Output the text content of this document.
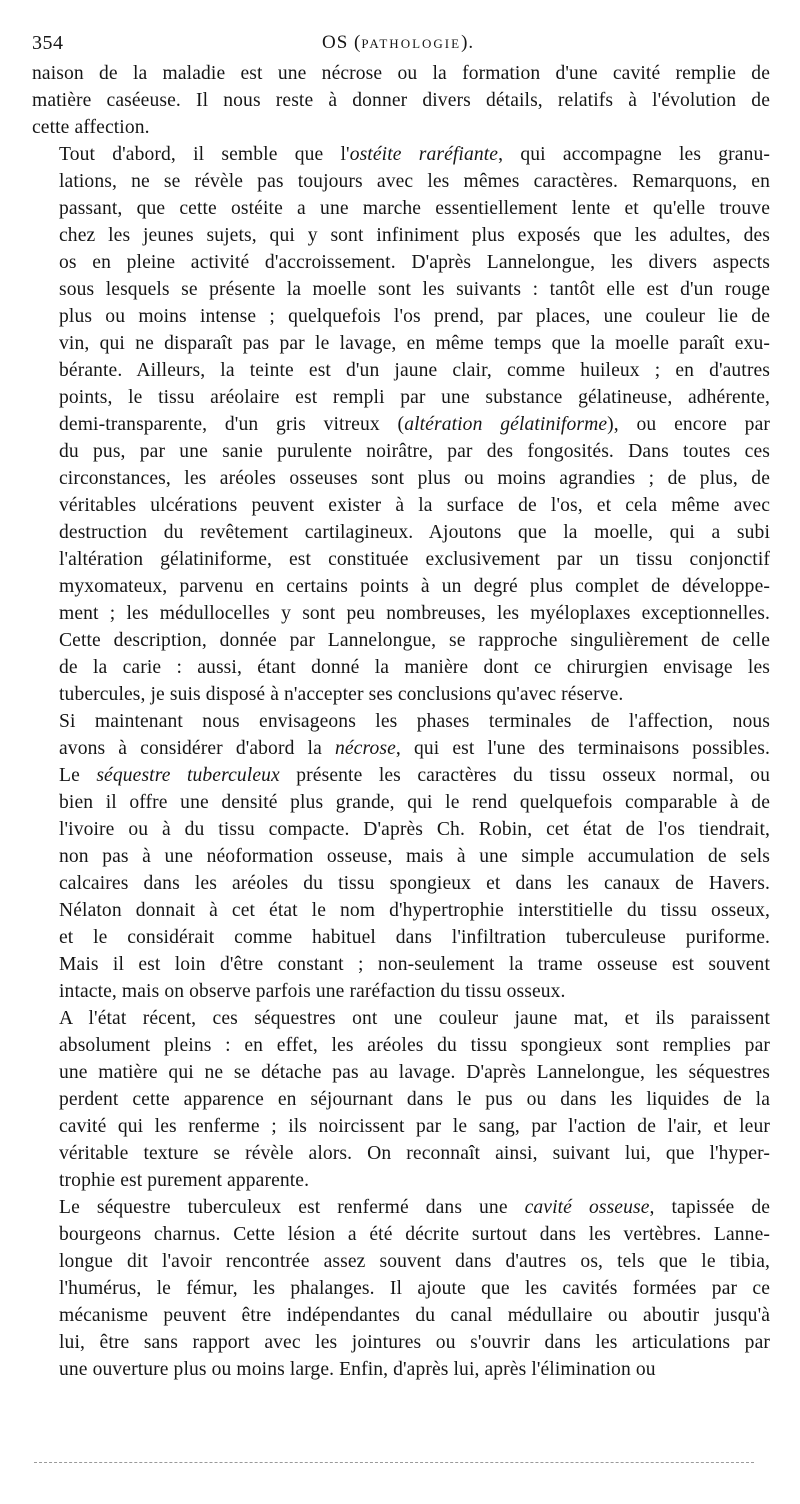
354	OS (PATHOLOGIE).

naison de la maladie est une nécrose ou la formation d'une cavité remplie de
matière caséeuse. Il nous reste à donner divers détails, relatifs à l'évolution de
cette affection.

Tout d'abord, il semble que l'ostéite raréfiante, qui accompagne les granu-
lations, ne se révèle pas toujours avec les mêmes caractères. Remarquons, en
passant, que cette ostéite a une marche essentiellement lente et qu'elle trouve
chez les jeunes sujets, qui y sont infiniment plus exposés que les adultes, des
os en pleine activité d'accroissement. D'après Lannelongue, les divers aspects
sous lesquels se présente la moelle sont les suivants : tantôt elle est d'un rouge
plus ou moins intense ; quelquefois l'os prend, par places, une couleur lie de
vin, qui ne disparaît pas par le lavage, en même temps que la moelle paraît exu-
bérante. Ailleurs, la teinte est d'un jaune clair, comme huileux ; en d'autres
points, le tissu aréolaire est rempli par une substance gélatineuse, adhérente,
demi-transparente, d'un gris vitreux (altération gélatiniforme), ou encore par
du pus, par une sanie purulente noirâtre, par des fongosités. Dans toutes ces
circonstances, les aréoles osseuses sont plus ou moins agrandies ; de plus, de
véritables ulcérations peuvent exister à la surface de l'os, et cela même avec
destruction du revêtement cartilagineux. Ajoutons que la moelle, qui a subi
l'altération gélatiniforme, est constituée exclusivement par un tissu conjonctif
myxomateux, parvenu en certains points à un degré plus complet de développe-
ment ; les médullocelles y sont peu nombreuses, les myéloplaxes exceptionnelles.
Cette description, donnée par Lannelongue, se rapproche singulièrement de celle
de la carie : aussi, étant donné la manière dont ce chirurgien envisage les
tubercules, je suis disposé à n'accepter ses conclusions qu'avec réserve.

Si maintenant nous envisageons les phases terminales de l'affection, nous
avons à considérer d'abord la nécrose, qui est l'une des terminaisons possibles.
Le séquestre tuberculeux présente les caractères du tissu osseux normal, ou
bien il offre une densité plus grande, qui le rend quelquefois comparable à de
l'ivoire ou à du tissu compacte. D'après Ch. Robin, cet état de l'os tiendrait,
non pas à une néoformation osseuse, mais à une simple accumulation de sels
calcaires dans les aréoles du tissu spongieux et dans les canaux de Havers.
Nélaton donnait à cet état le nom d'hypertrophie interstitielle du tissu osseux,
et le considérait comme habituel dans l'infiltration tuberculeuse puriforme.
Mais il est loin d'être constant ; non-seulement la trame osseuse est souvent
intacte, mais on observe parfois une raréfaction du tissu osseux.

A l'état récent, ces séquestres ont une couleur jaune mat, et ils paraissent
absolument pleins : en effet, les aréoles du tissu spongieux sont remplies par
une matière qui ne se détache pas au lavage. D'après Lannelongue, les séquestres
perdent cette apparence en séjournant dans le pus ou dans les liquides de la
cavité qui les renferme ; ils noircissent par le sang, par l'action de l'air, et leur
véritable texture se révèle alors. On reconnaît ainsi, suivant lui, que l'hyper-
trophie est purement apparente.

Le séquestre tuberculeux est renfermé dans une cavité osseuse, tapissée de
bourgeons charnus. Cette lésion a été décrite surtout dans les vertèbres. Lanne-
longue dit l'avoir rencontrée assez souvent dans d'autres os, tels que le tibia,
l'humérus, le fémur, les phalanges. Il ajoute que les cavités formées par ce
mécanisme peuvent être indépendantes du canal médullaire ou aboutir jusqu'à
lui, être sans rapport avec les jointures ou s'ouvrir dans les articulations par
une ouverture plus ou moins large. Enfin, d'après lui, après l'élimination ou
